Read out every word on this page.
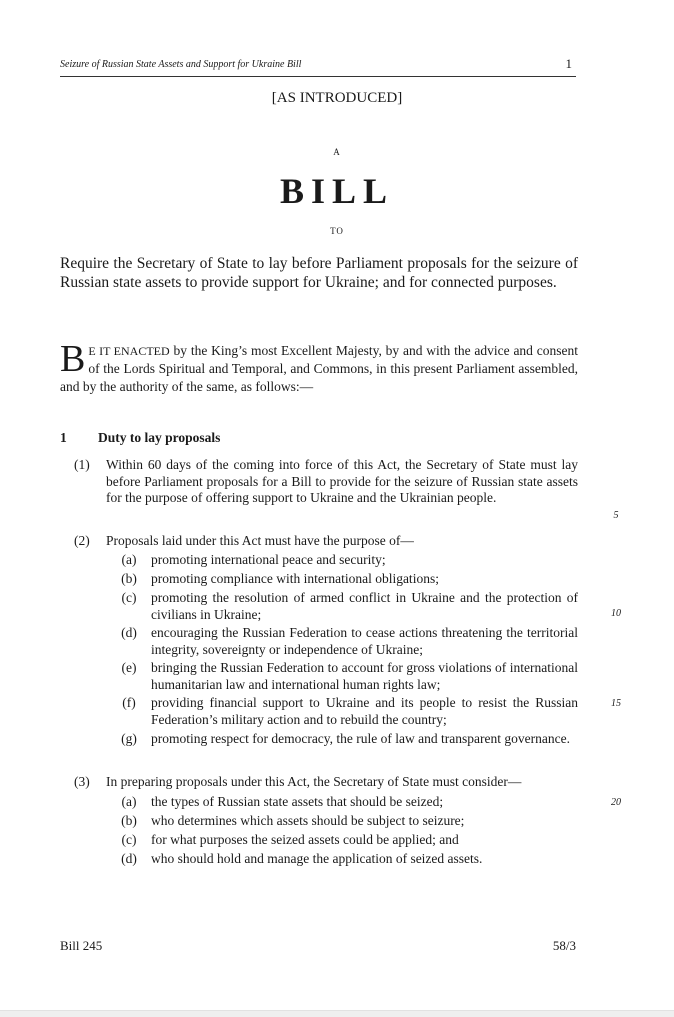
Seizure of Russian State Assets and Support for Ukraine Bill	1
[AS INTRODUCED]
A
BILL
TO
Require the Secretary of State to lay before Parliament proposals for the seizure of Russian state assets to provide support for Ukraine; and for connected purposes.
B E IT ENACTED by the King’s most Excellent Majesty, by and with the advice and consent of the Lords Spiritual and Temporal, and Commons, in this present Parliament assembled, and by the authority of the same, as follows:—
1 Duty to lay proposals
(1) Within 60 days of the coming into force of this Act, the Secretary of State must lay before Parliament proposals for a Bill to provide for the seizure of Russian state assets for the purpose of offering support to Ukraine and the Ukrainian people.
5
(2) Proposals laid under this Act must have the purpose of—
(a)	promoting international peace and security;
(b)	promoting compliance with international obligations;
(c)	promoting the resolution of armed conflict in Ukraine and the protection of civilians in Ukraine;	10
(d)	encouraging the Russian Federation to cease actions threatening the territorial integrity, sovereignty or independence of Ukraine;
(e)	bringing the Russian Federation to account for gross violations of international humanitarian law and international human rights law;
(f)	providing financial support to Ukraine and its people to resist the Russian Federation’s military action and to rebuild the country;
15
(g)	promoting respect for democracy, the rule of law and transparent governance.
(3) In preparing proposals under this Act, the Secretary of State must consider—
20
(a)	the types of Russian state assets that should be seized;
(b)	who determines which assets should be subject to seizure;
(c)	for what purposes the seized assets could be applied; and
(d)	who should hold and manage the application of seized assets.
Bill 245	58/3
